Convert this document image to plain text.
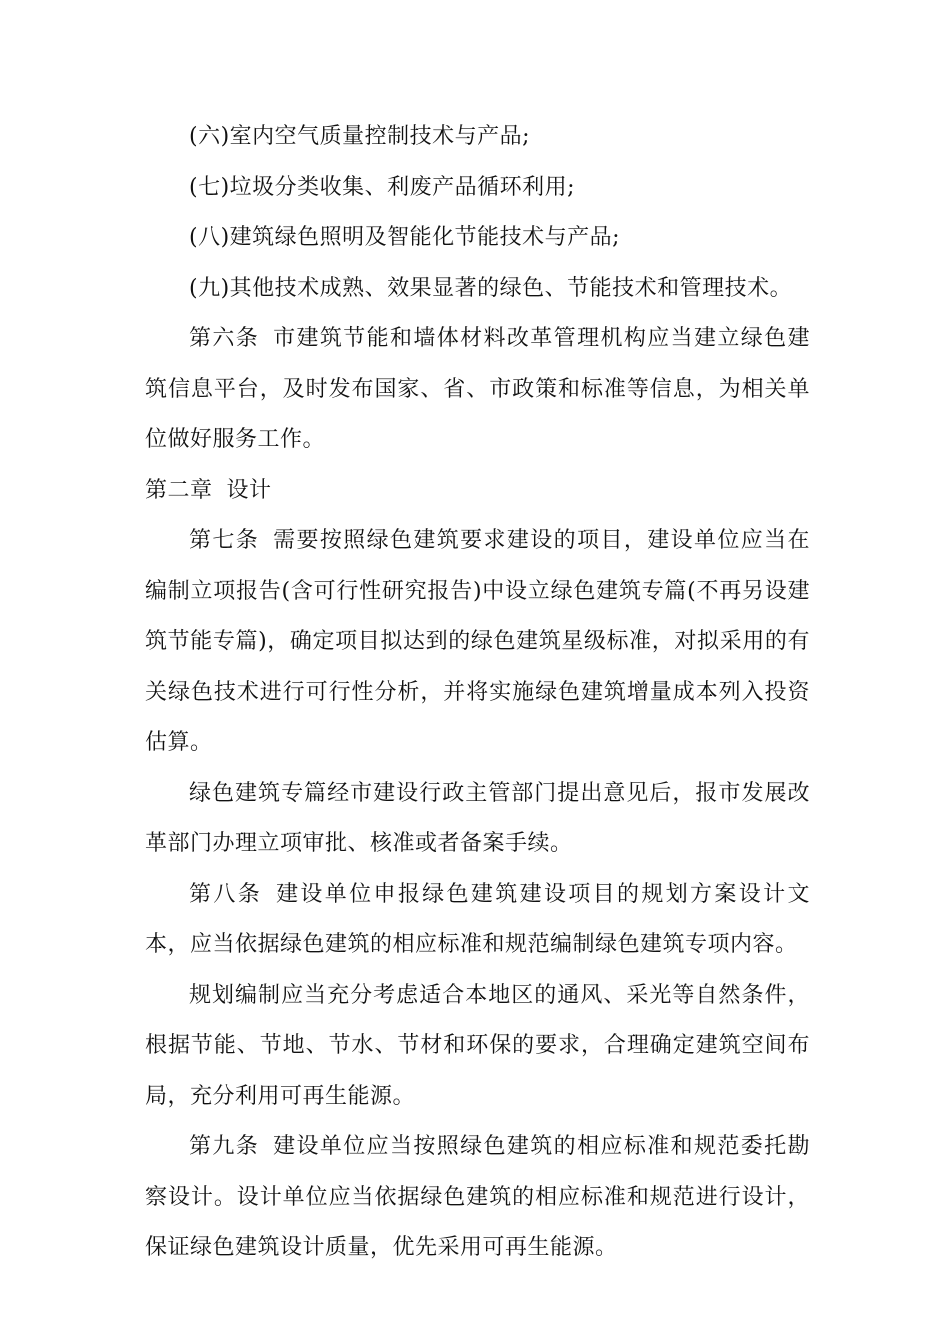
(六)室内空气质量控制技术与产品;

(七)垃圾分类收集、利废产品循环利用;

(八)建筑绿色照明及智能化节能技术与产品;

(九)其他技术成熟、效果显著的绿色、节能技术和管理技术。

第六条 市建筑节能和墙体材料改革管理机构应当建立绿色建筑信息平台，及时发布国家、省、市政策和标准等信息，为相关单位做好服务工作。

第二章 设计

第七条 需要按照绿色建筑要求建设的项目，建设单位应当在编制立项报告(含可行性研究报告)中设立绿色建筑专篇(不再另设建筑节能专篇)，确定项目拟达到的绿色建筑星级标准，对拟采用的有关绿色技术进行可行性分析，并将实施绿色建筑增量成本列入投资估算。

绿色建筑专篇经市建设行政主管部门提出意见后，报市发展改革部门办理立项审批、核准或者备案手续。

第八条 建设单位申报绿色建筑建设项目的规划方案设计文本，应当依据绿色建筑的相应标准和规范编制绿色建筑专项内容。

规划编制应当充分考虑适合本地区的通风、采光等自然条件，根据节能、节地、节水、节材和环保的要求，合理确定建筑空间布局，充分利用可再生能源。

第九条 建设单位应当按照绿色建筑的相应标准和规范委托勘察设计。设计单位应当依据绿色建筑的相应标准和规范进行设计，保证绿色建筑设计质量，优先采用可再生能源。
